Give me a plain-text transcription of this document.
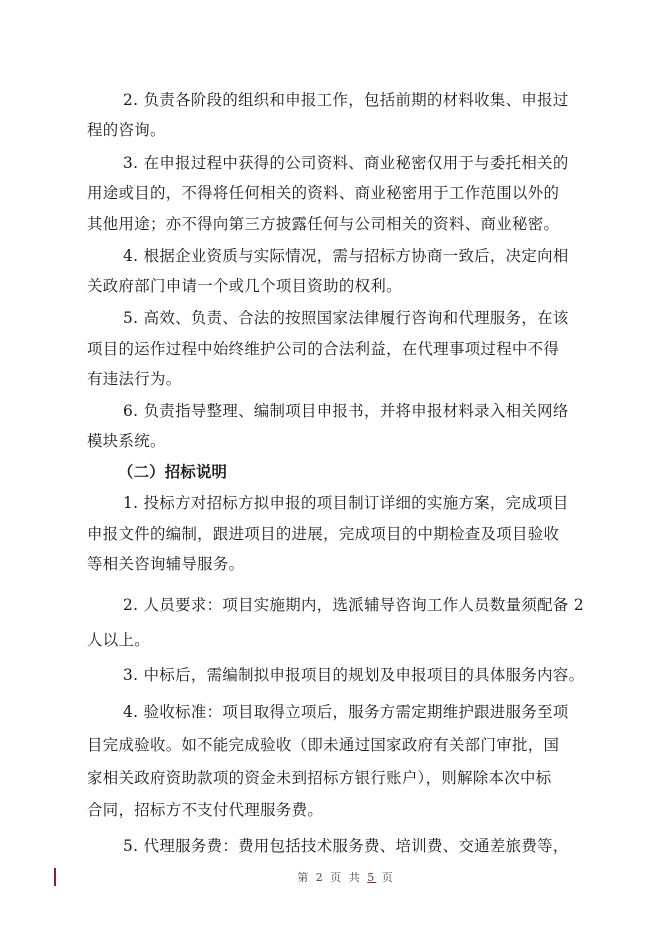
2. 负责各阶段的组织和申报工作，包括前期的材料收集、申报过
程的咨询。
3. 在申报过程中获得的公司资料、商业秘密仅用于与委托相关的
用途或目的，不得将任何相关的资料、商业秘密用于工作范围以外的
其他用途；亦不得向第三方披露任何与公司相关的资料、商业秘密。
4. 根据企业资质与实际情况，需与招标方协商一致后，决定向相
关政府部门申请一个或几个项目资助的权利。
5. 高效、负责、合法的按照国家法律履行咨询和代理服务，在该
项目的运作过程中始终维护公司的合法利益，在代理事项过程中不得
有违法行为。
6. 负责指导整理、编制项目申报书，并将申报材料录入相关网络
模块系统。
（二）招标说明
1. 投标方对招标方拟申报的项目制订详细的实施方案，完成项目
申报文件的编制，跟进项目的进展，完成项目的中期检查及项目验收
等相关咨询辅导服务。
2. 人员要求：项目实施期内，选派辅导咨询工作人员数量须配备 2
人以上。
3. 中标后，需编制拟申报项目的规划及申报项目的具体服务内容。
4. 验收标准：项目取得立项后，服务方需定期维护跟进服务至项
目完成验收。如不能完成验收（即未通过国家政府有关部门审批，国
家相关政府资助款项的资金未到招标方银行账户），则解除本次中标
合同，招标方不支付代理服务费。
5. 代理服务费：费用包括技术服务费、培训费、交通差旅费等，
第 2 页 共 5 页
